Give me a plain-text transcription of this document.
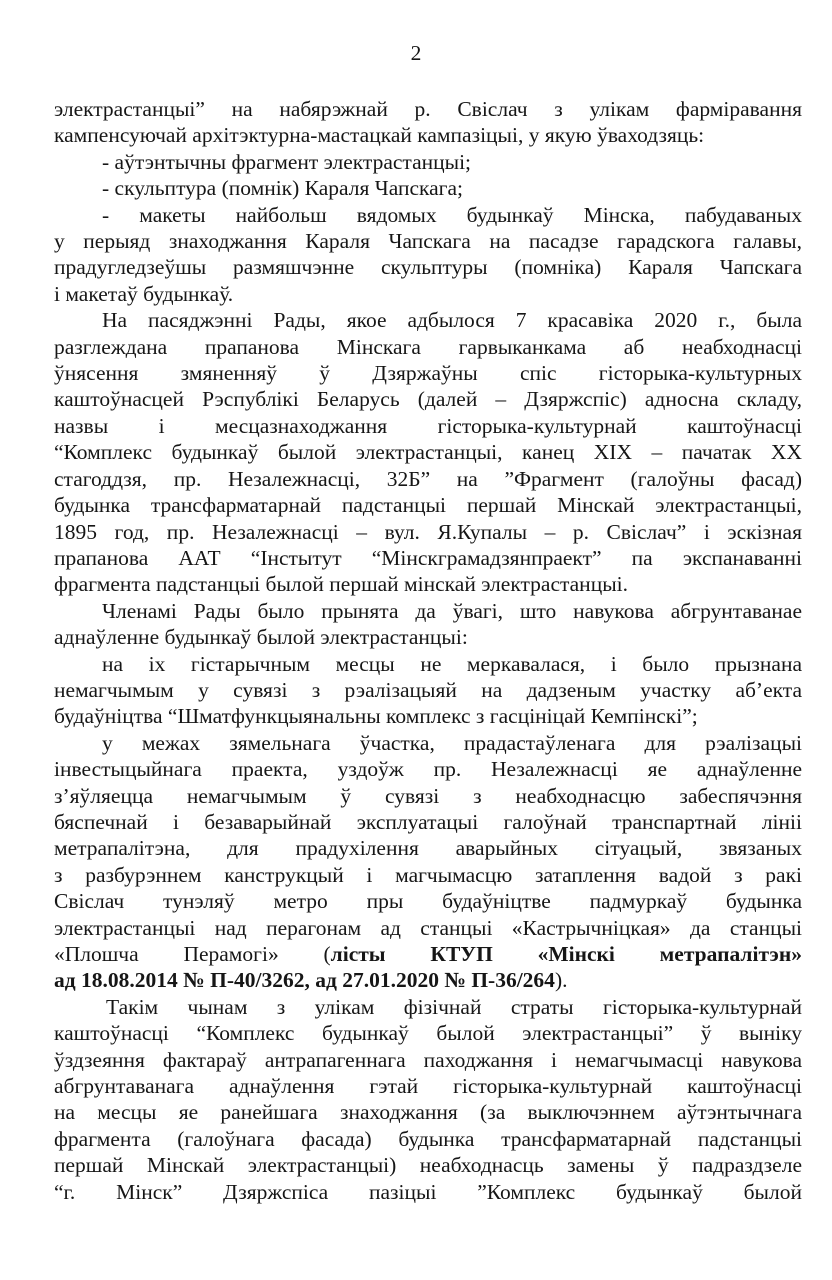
2
электрастанцыі” на набярэжнай р. Свіслач з улікам фарміравання
кампенсуючай архітэктурна-мастацкай кампазіцыі, у якую ўваходзяць:
- аўтэнтычны фрагмент электрастанцыі;
- скульптура (помнік) Караля Чапскага;
- макеты найбольш вядомых будынкаў Мінска, пабудаваных
у перыяд знаходжання Караля Чапскага на пасадзе гарадскога галавы,
прадугледзеўшы размяшчэнне скульптуры (помніка) Караля Чапскага
і макетаў будынкаў.
На пасяджэнні Рады, якое адбылося 7 красавіка 2020 г., была
разглеждана прапанова Мінскага гарвыканкама аб неабходнасці
ўнясення змяненняў ў Дзяржаўны спіс гісторыка-культурных
каштоўнасцей Рэспублікі Беларусь (далей – Дзяржспіс) адносна складу,
назвы і месцазнаходжання гісторыка-культурнай каштоўнасці
“Комплекс будынкаў былой электрастанцыі, канец XIX – пачатак XX
стагоддзя, пр. Незалежнасці, 32Б” на ”Фрагмент (галоўны фасад)
будынка трансфарматарнай падстанцыі першай Мінскай электрастанцыі,
1895 год, пр. Незалежнасці – вул. Я.Купалы – р. Свіслач” і эскізная
прапанова ААТ “Інстытут “Мінскграмадзянпраект” па экспанаванні
фрагмента падстанцыі былой першай мінскай электрастанцыі.
Членамі Рады было прынята да ўвагі, што навукова абгрунтаванае
аднаўленне будынкаў былой электрастанцыі:
на іх гістарычным месцы не меркавалася, і было прызнана
немагчымым у сувязі з рэалізацыяй на дадзеным участку аб’екта
будаўніцтва “Шматфункцыянальны комплекс з гасцініцай Кемпінскі”;
у межах зямельнага ўчастка, прадастаўленага для рэалізацыі
інвестыцыйнага праекта, уздоўж пр. Незалежнасці яе аднаўленне
з’яўляецца немагчымым ў сувязі з неабходнасцю забеспячэння
бяспечнай і безаварыйнай эксплуатацыі галоўнай транспартнай лініі
метрапалітэна, для прадухілення аварыйных сітуацый, звязаных
з разбурэннем канструкцый і магчымасцю затаплення вадой з ракі
Свіслач тунэляў метро пры будаўніцтве падмуркаў будынка
электрастанцыі над перагонам ад станцыі «Кастрычніцкая» да станцыі
«Плошча Перамогі» (лісты КТУП «Мінскі метрапалітэн»
ад 18.08.2014 № П-40/3262, ад 27.01.2020 № П-36/264).
Такім чынам з улікам фізічнай страты гісторыка-культурнай
каштоўнасці “Комплекс будынкаў былой электрастанцыі” ў выніку
ўздзеяння фактараў антрапагеннага паходжання і немагчымасці навукова
абгрунтаванага аднаўлення гэтай гісторыка-культурнай каштоўнасці
на месцы яе ранейшага знаходжання (за выключэннем аўтэнтычнага
фрагмента (галоўнага фасада) будынка трансфарматарнай падстанцыі
першай Мінскай электрастанцыі) неабходнасць замены ў падраздзеле
“г. Мінск” Дзяржспіса пазіцыі ”Комплекс будынкаў былой
